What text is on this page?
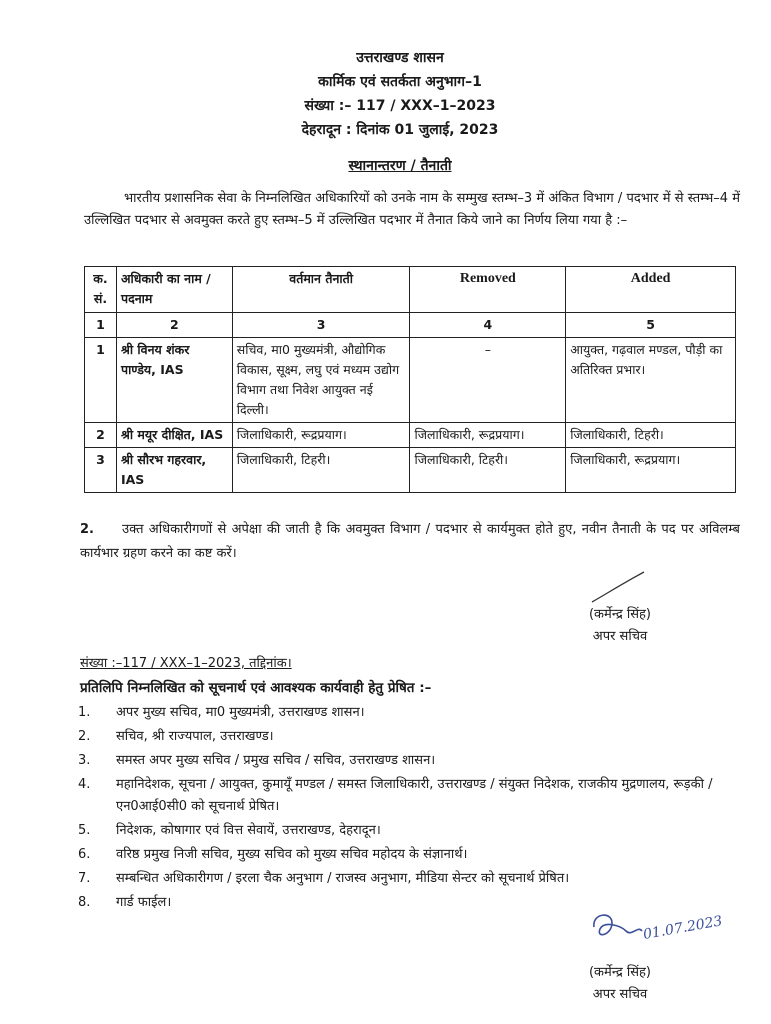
उत्तराखण्ड शासन
कार्मिक एवं सतर्कता अनुभाग–1
संख्या :– 117 / XXX–1–2023
देहरादून : दिनांक 01 जुलाई, 2023
स्थानान्तरण / तैनाती
भारतीय प्रशासनिक सेवा के निम्नलिखित अधिकारियों को उनके नाम के सम्मुख स्तम्भ–3 में अंकित विभाग / पदभार में से स्तम्भ–4 में उल्लिखित पदभार से अवमुक्त करते हुए स्तम्भ–5 में उल्लिखित पदभार में तैनात किये जाने का निर्णय लिया गया है :–
क. सं.	अधिकारी का नाम / पदनाम	वर्तमान तैनाती	Removed	Added
1	2	3	4	5
1	श्री विनय शंकर पाण्डेय, IAS	सचिव, मा0 मुख्यमंत्री, औद्योगिक विकास, सूक्ष्म, लघु एवं मध्यम उद्योग विभाग तथा निवेश आयुक्त नई दिल्ली।	–	आयुक्त, गढ़वाल मण्डल, पौड़ी का अतिरिक्त प्रभार।
2	श्री मयूर दीक्षित, IAS	जिलाधिकारी, रूद्रप्रयाग।	जिलाधिकारी, रूद्रप्रयाग।	जिलाधिकारी, टिहरी।
3	श्री सौरभ गहरवार, IAS	जिलाधिकारी, टिहरी।	जिलाधिकारी, टिहरी।	जिलाधिकारी, रूद्रप्रयाग।
2. उक्त अधिकारीगणों से अपेक्षा की जाती है कि अवमुक्त विभाग / पदभार से कार्यमुक्त होते हुए, नवीन तैनाती के पद पर अविलम्ब कार्यभार ग्रहण करने का कष्ट करें।
(कर्मेन्द्र सिंह)
अपर सचिव
संख्या :–117 / XXX–1–2023, तद्दिनांक।
प्रतिलिपि निम्नलिखित को सूचनार्थ एवं आवश्यक कार्यवाही हेतु प्रेषित :–
1.	अपर मुख्य सचिव, मा0 मुख्यमंत्री, उत्तराखण्ड शासन।
2.	सचिव, श्री राज्यपाल, उत्तराखण्ड।
3.	समस्त अपर मुख्य सचिव / प्रमुख सचिव / सचिव, उत्तराखण्ड शासन।
4.	महानिदेशक, सूचना / आयुक्त, कुमायूँ मण्डल / समस्त जिलाधिकारी, उत्तराखण्ड / संयुक्त निदेशक, राजकीय मुद्रणालय, रूड़की / एन0आई0सी0 को सूचनार्थ प्रेषित।
5.	निदेशक, कोषागार एवं वित्त सेवायें, उत्तराखण्ड, देहरादून।
6.	वरिष्ठ प्रमुख निजी सचिव, मुख्य सचिव को मुख्य सचिव महोदय के संज्ञानार्थ।
7.	सम्बन्धित अधिकारीगण / इरला चैक अनुभाग / राजस्व अनुभाग, मीडिया सेन्टर को सूचनार्थ प्रेषित।
8.	गार्ड फाईल।
01.07.2023
(कर्मेन्द्र सिंह)
अपर सचिव
